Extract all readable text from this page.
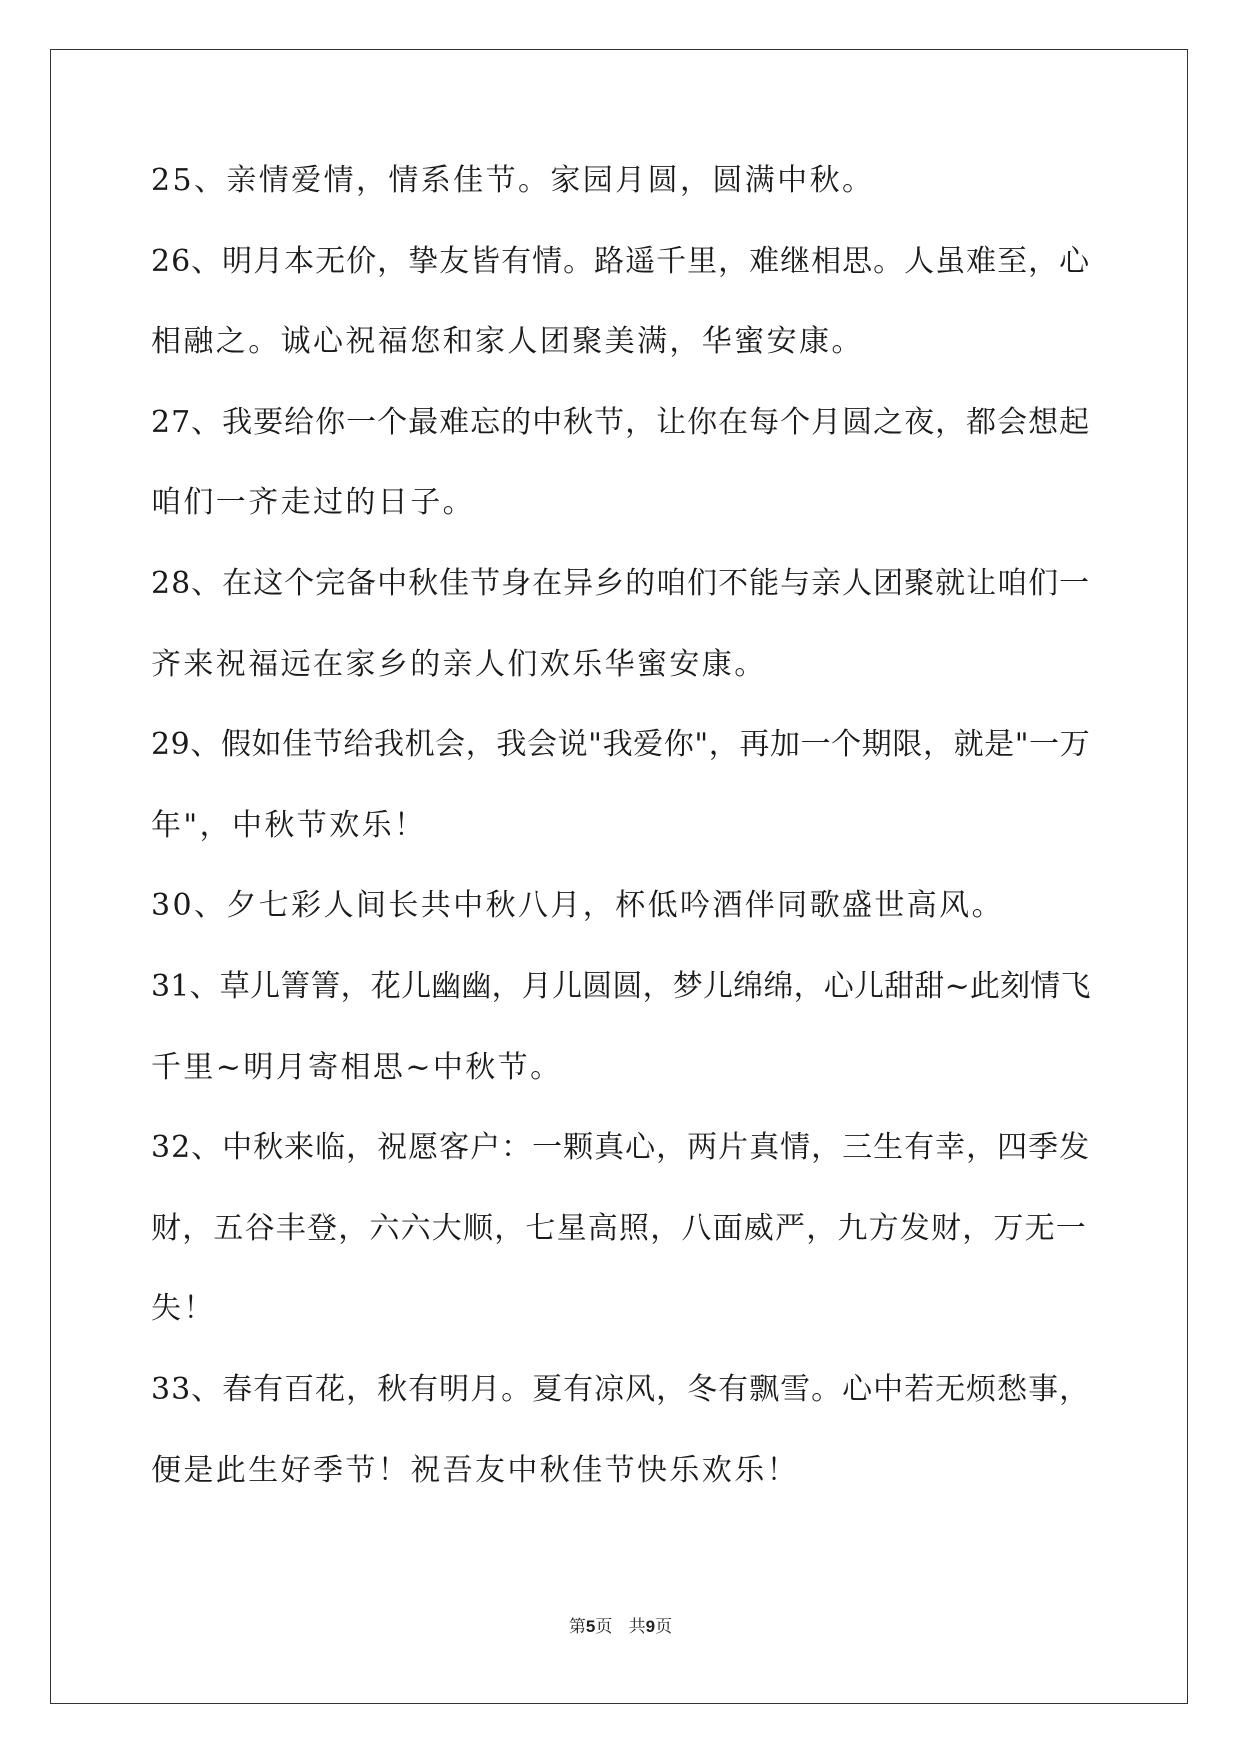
25、亲情爱情，情系佳节。家园月圆，圆满中秋。
26、明月本无价，挚友皆有情。路遥千里，难继相思。人虽难至，心
相融之。诚心祝福您和家人团聚美满，华蜜安康。
27、我要给你一个最难忘的中秋节，让你在每个月圆之夜，都会想起
咱们一齐走过的日子。
28、在这个完备中秋佳节身在异乡的咱们不能与亲人团聚就让咱们一
齐来祝福远在家乡的亲人们欢乐华蜜安康。
29、假如佳节给我机会，我会说"我爱你"，再加一个期限，就是"一万
年"，中秋节欢乐！
30、夕七彩人间长共中秋八月，杯低吟酒伴同歌盛世高风。
31、草儿箐箐，花儿幽幽，月儿圆圆，梦儿绵绵，心儿甜甜~此刻情飞
千里~明月寄相思~中秋节。
32、中秋来临，祝愿客户：一颗真心，两片真情，三生有幸，四季发
财，五谷丰登，六六大顺，七星高照，八面威严，九方发财，万无一
失！
33、春有百花，秋有明月。夏有凉风，冬有飘雪。心中若无烦愁事，
便是此生好季节！祝吾友中秋佳节快乐欢乐！
第5页   共9页
